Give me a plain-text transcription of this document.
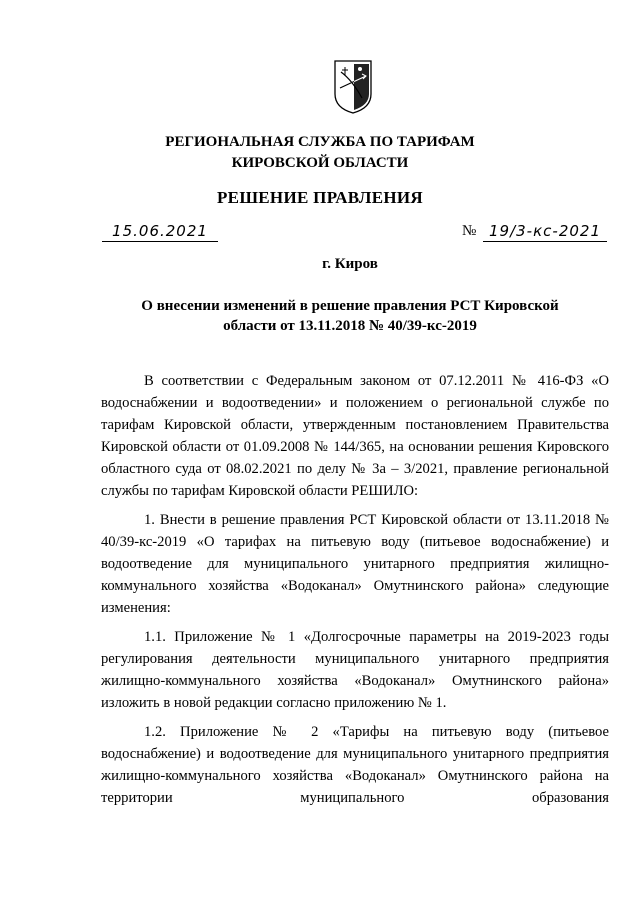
РЕГИОНАЛЬНАЯ СЛУЖБА ПО ТАРИФАМ
КИРОВСКОЙ ОБЛАСТИ
РЕШЕНИЕ ПРАВЛЕНИЯ
15.06.2021	№ 19/3-кс-2021
г. Киров
О внесении изменений в решение правления РСТ Кировской
области от 13.11.2018 № 40/39-кс-2019

В соответствии с Федеральным законом от 07.12.2011 № 416-ФЗ «О водоснабжении и водоотведении» и положением о региональной службе по тарифам Кировской области, утвержденным постановлением Правительства Кировской области от 01.09.2008 № 144/365, на основании решения Кировского областного суда от 08.02.2021 по делу № 3а – 3/2021, правление региональной службы по тарифам Кировской области РЕШИЛО:

1. Внести в решение правления РСТ Кировской области от 13.11.2018 № 40/39-кс-2019 «О тарифах на питьевую воду (питьевое водоснабжение) и водоотведение для муниципального унитарного предприятия жилищно-коммунального хозяйства «Водоканал» Омутнинского района» следующие изменения:

1.1. Приложение № 1 «Долгосрочные параметры на 2019-2023 годы регулирования деятельности муниципального унитарного предприятия жилищно-коммунального хозяйства «Водоканал» Омутнинского района» изложить в новой редакции согласно приложению № 1.

1.2. Приложение № 2 «Тарифы на питьевую воду (питьевое водоснабжение) и водоотведение для муниципального унитарного предприятия жилищно-коммунального хозяйства «Водоканал» Омутнинского района на территории муниципального образования
